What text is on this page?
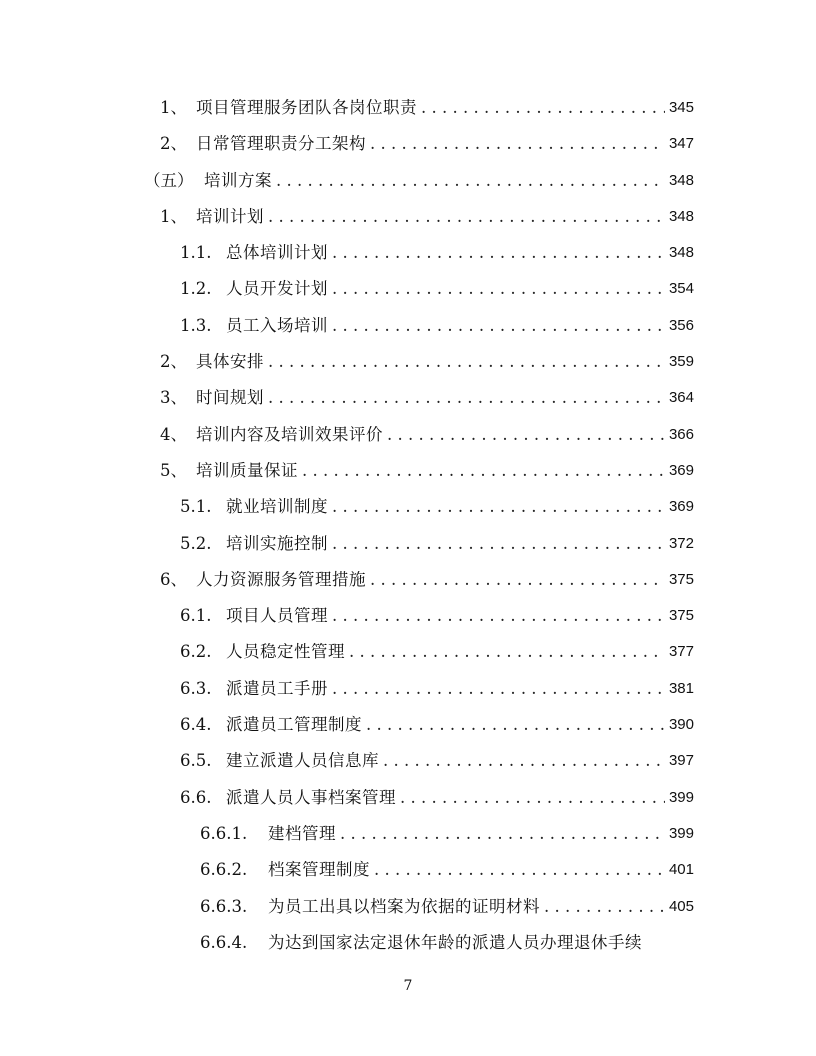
1、 项目管理服务团队各岗位职责 . . .	345
2、 日常管理职责分工架构 . . .	347
（五） 培训方案 . . .	348
1、 培训计划 . . .	348
1.1. 总体培训计划 . . .	348
1.2. 人员开发计划 . . .	354
1.3. 员工入场培训 . . .	356
2、 具体安排 . . .	359
3、 时间规划 . . .	364
4、 培训内容及培训效果评价 . . .	366
5、 培训质量保证 . . .	369
5.1. 就业培训制度 . . .	369
5.2. 培训实施控制 . . .	372
6、 人力资源服务管理措施 . . .	375
6.1. 项目人员管理 . . .	375
6.2. 人员稳定性管理 . . .	377
6.3. 派遣员工手册 . . .	381
6.4. 派遣员工管理制度 . . .	390
6.5. 建立派遣人员信息库 . . .	397
6.6. 派遣人员人事档案管理 . . .	399
6.6.1.	建档管理 . . .	399
6.6.2.	档案管理制度 . . .	401
6.6.3.	为员工出具以档案为依据的证明材料 . . .	405
6.6.4.	为达到国家法定退休年龄的派遣人员办理退休手续
7
